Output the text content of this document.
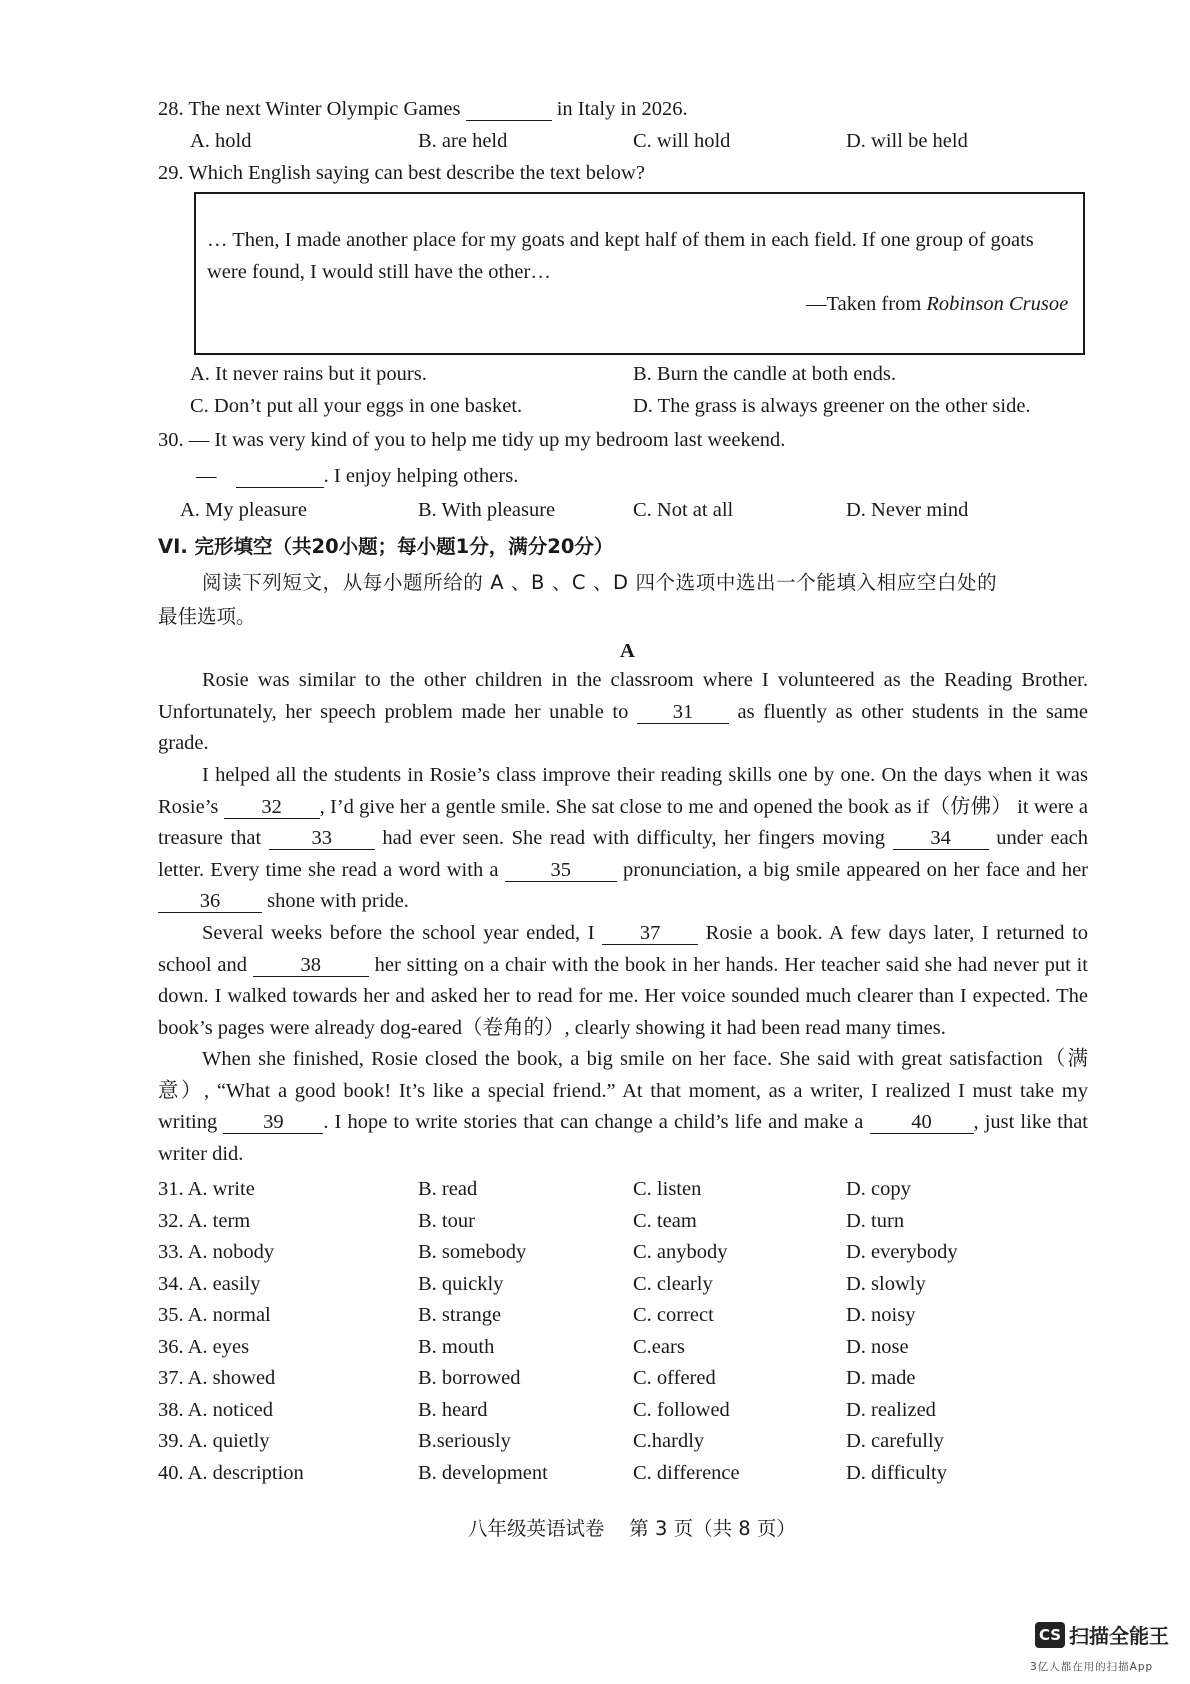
28. The next Winter Olympic Games	in Italy in 2026.
A. hold	B. are held	C. will hold	D. will be held
29. Which English saying can best describe the text below?
… Then, I made another place for my goats and kept half of them in each field. If one group of goats
were found, I would still have the other…
—Taken from Robinson Crusoe
A. It never rains but it pours.	B. Burn the candle at both ends.
C. Don’t put all your eggs in one basket.	D. The grass is always greener on the other side.
30. — It was very kind of you to help me tidy up my bedroom last weekend.
—	. I enjoy helping others.
A. My pleasure	B. With pleasure	C. Not at all	D. Never mind
VI. 完形填空（共20小题；每小题1分，满分20分）
阅读下列短文，从每小题所给的 A 、B 、C 、D 四个选项中选出一个能填入相应空白处的
最佳选项。
A
Rosie was similar to the other children in the classroom where I volunteered as the Reading Brother. Unfortunately, her speech problem made her unable to 31 as fluently as other students in the same grade.
I helped all the students in Rosie’s class improve their reading skills one by one. On the days when it was Rosie’s 32 , I’d give her a gentle smile. She sat close to me and opened the book as if（仿佛） it were a treasure that 33 had ever seen. She read with difficulty, her fingers moving 34 under each letter. Every time she read a word with a	35	pronunciation, a big smile appeared on her face and her 36 shone with pride.
Several weeks before the school year ended, I 37 Rosie a book. A few days later, I returned to school and	38	her sitting on a chair with the book in her hands. Her teacher said she had never put it down. I walked towards her and asked her to read for me. Her voice sounded much clearer than I expected. The book’s pages were already dog-eared（卷角的）, clearly showing it had been read many times.
When she finished, Rosie closed the book, a big smile on her face. She said with great satisfaction（满意）, “What a good book! It’s like a special friend.” At that moment, as a writer, I realized I must take my writing 39 . I hope to write stories that can change a child’s life and make a 40 , just like that writer did.
31. A. write	B. read	C. listen	D. copy
32. A. term	B. tour	C. team	D. turn
33. A. nobody	B. somebody	C. anybody	D. everybody
34. A. easily	B. quickly	C. clearly	D. slowly
35. A. normal	B. strange	C. correct	D. noisy
36. A. eyes	B. mouth	C.ears	D. nose
37. A. showed	B. borrowed	C. offered	D. made
38. A. noticed	B. heard	C. followed	D. realized
39. A. quietly	B.seriously	C.hardly	D. carefully
40. A. description	B. development	C. difference	D. difficulty
八年级英语试卷    第 3 页（共 8 页）
CS 扫描全能王
3亿人都在用的扫描App
